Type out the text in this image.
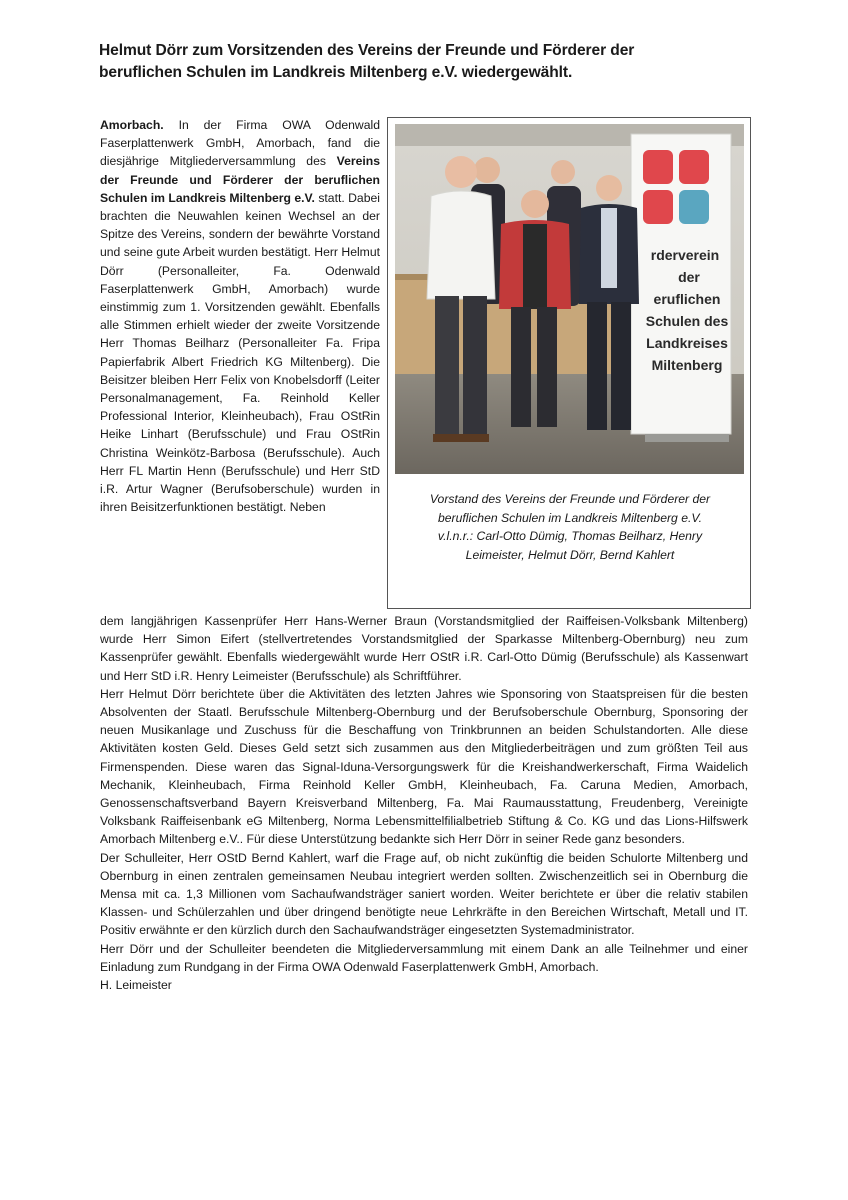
Helmut Dörr zum Vorsitzenden des Vereins der Freunde und Förderer der
beruflichen Schulen im Landkreis Miltenberg e.V. wiedergewählt.
Amorbach. In der Firma OWA Odenwald Faserplattenwerk GmbH, Amorbach, fand die diesjährige Mitgliederversammlung des Vereins der Freunde und Förderer der beruflichen Schulen im Landkreis Miltenberg e.V. statt. Dabei brachten die Neuwahlen keinen Wechsel an der Spitze des Vereins, sondern der bewährte Vorstand und seine gute Arbeit wurden bestätigt. Herr Helmut Dörr (Personalleiter, Fa. Odenwald Faserplattenwerk GmbH, Amorbach) wurde einstimmig zum 1. Vorsitzenden gewählt. Ebenfalls alle Stimmen erhielt wieder der zweite Vorsitzende Herr Thomas Beilharz (Personalleiter Fa. Fripa Papierfabrik Albert Friedrich KG Miltenberg). Die Beisitzer bleiben Herr Felix von Knobelsdorff (Leiter Personalmanagement, Fa. Reinhold Keller Professional Interior, Kleinheubach), Frau OStRin Heike Linhart (Berufsschule) und Frau OStRin Christina Weinkötz-Barbosa (Berufsschule). Auch Herr FL Martin Henn (Berufsschule) und Herr StD i.R. Artur Wagner (Berufsoberschule) wurden in ihren Beisitzerfunktionen bestätigt. Neben
rderverein
der
eruflichen
Schulen des
Landkreises
Miltenberg
Vorstand des Vereins der Freunde und Förderer der
beruflichen Schulen im Landkreis Miltenberg e.V.
v.l.n.r.: Carl-Otto Dümig, Thomas Beilharz, Henry
Leimeister, Helmut Dörr, Bernd Kahlert

dem langjährigen Kassenprüfer Herr Hans-Werner Braun (Vorstandsmitglied der Raiffeisen-Volksbank Miltenberg) wurde Herr Simon Eifert (stellvertretendes Vorstandsmitglied der Sparkasse Miltenberg-Obernburg) neu zum Kassenprüfer gewählt. Ebenfalls wiedergewählt wurde Herr OStR i.R. Carl-Otto Dümig (Berufsschule) als Kassenwart und Herr StD i.R. Henry Leimeister (Berufsschule) als Schriftführer.

Herr Helmut Dörr berichtete über die Aktivitäten des letzten Jahres wie Sponsoring von Staatspreisen für die besten Absolventen der Staatl. Berufsschule Miltenberg-Obernburg und der Berufsoberschule Obernburg, Sponsoring der neuen Musikanlage und Zuschuss für die Beschaffung von Trinkbrunnen an beiden Schulstandorten. Alle diese Aktivitäten kosten Geld. Dieses Geld setzt sich zusammen aus den Mitgliederbeiträgen und zum größten Teil aus Firmenspenden. Diese waren das Signal-Iduna-Versorgungswerk für die Kreishandwerkerschaft, Firma Waidelich Mechanik, Kleinheubach, Firma Reinhold Keller GmbH, Kleinheubach, Fa. Caruna Medien, Amorbach, Genossenschaftsverband Bayern Kreisverband Miltenberg, Fa. Mai Raumausstattung, Freudenberg, Vereinigte Volksbank Raiffeisenbank eG Miltenberg, Norma Lebensmittelfilialbetrieb Stiftung & Co. KG und das Lions-Hilfswerk Amorbach Miltenberg e.V.. Für diese Unterstützung bedankte sich Herr Dörr in seiner Rede ganz besonders.

Der Schulleiter, Herr OStD Bernd Kahlert, warf die Frage auf, ob nicht zukünftig die beiden Schulorte Miltenberg und Obernburg in einen zentralen gemeinsamen Neubau integriert werden sollten. Zwischenzeitlich sei in Obernburg die Mensa mit ca. 1,3 Millionen vom Sachaufwandsträger saniert worden. Weiter berichtete er über die relativ stabilen Klassen- und Schülerzahlen und über dringend benötigte neue Lehrkräfte in den Bereichen Wirtschaft, Metall und IT. Positiv erwähnte er den kürzlich durch den Sachaufwandsträger eingesetzten Systemadministrator.

Herr Dörr und der Schulleiter beendeten die Mitgliederversammlung mit einem Dank an alle Teilnehmer und einer Einladung zum Rundgang in der Firma OWA Odenwald Faserplattenwerk GmbH, Amorbach.

H. Leimeister
